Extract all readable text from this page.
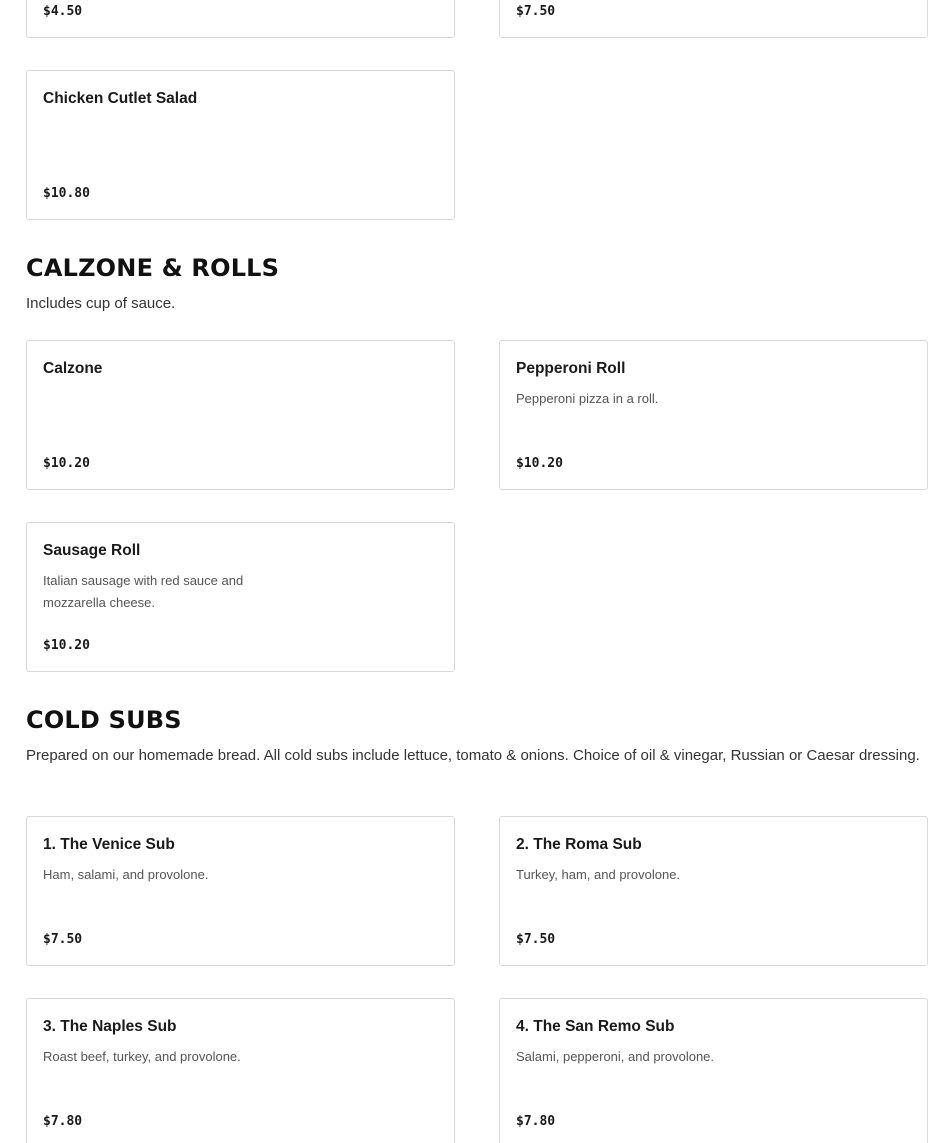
$4.50	$7.50
Chicken Cutlet Salad
$10.80
CALZONE & ROLLS

Includes cup of sauce.

Calzone
$10.20
Pepperoni Roll
Pepperoni pizza in a roll.
$10.20
Sausage Roll
Italian sausage with red sauce and mozzarella cheese.
$10.20
COLD SUBS

Prepared on our homemade bread. All cold subs include lettuce, tomato & onions. Choice of oil & vinegar, Russian or Caesar dressing.

1. The Venice Sub
Ham, salami, and provolone.
$7.50
2. The Roma Sub
Turkey, ham, and provolone.
$7.50
3. The Naples Sub
Roast beef, turkey, and provolone.
$7.80
4. The San Remo Sub
Salami, pepperoni, and provolone.
$7.80
